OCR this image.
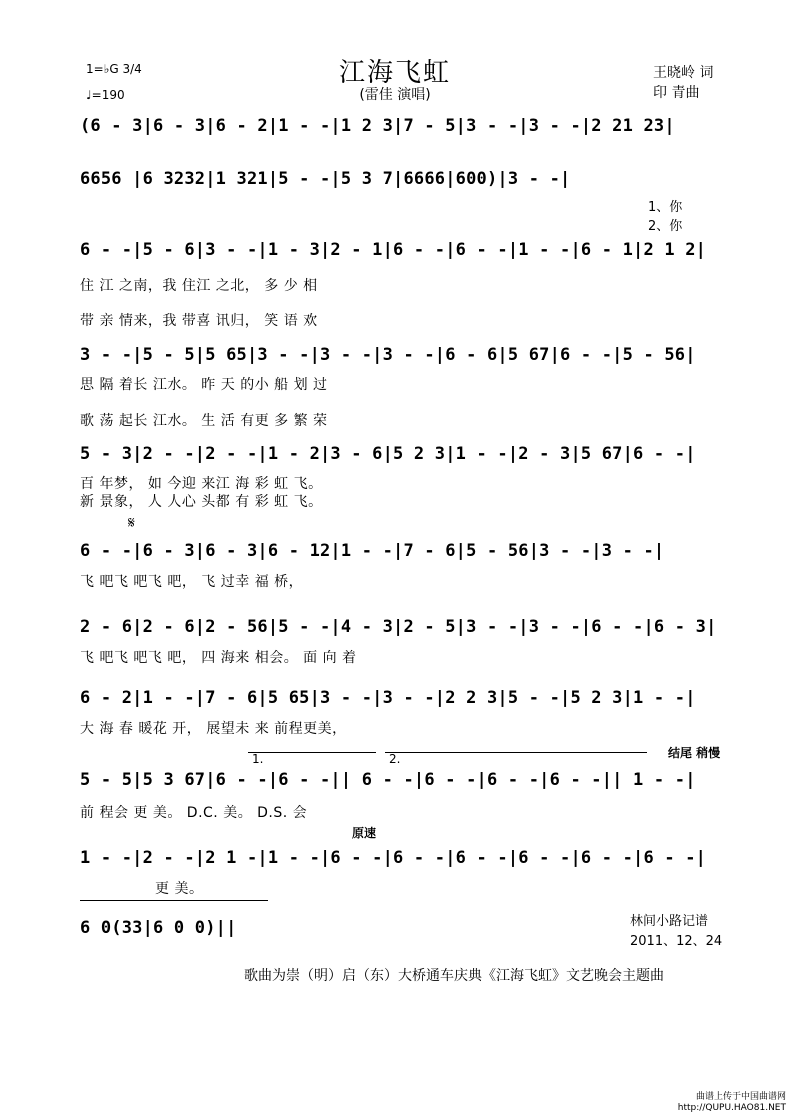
江海飞虹
(雷佳 演唱)
1=♭G 3/4
♩=190
王晓岭 词
印 青曲
(6 - 3|6 - 3|6 - 2|1 - -|1 2 3|7 - 5|3 - -|3 - -|2 21 23|
6656 |6 3232|1 321|5 - -|5 3 7|6666|600)|3 - -|
1、你
2、你
6 - -|5 - 6|3 - -|1 - 3|2 - 1|6 - -|6 - -|1 - -|6 - 1|2 1 2|
住 江 之南，我 住江 之北， 多 少 相
带 亲 情来，我 带喜 讯归， 笑 语 欢
3 - -|5 - 5|5 65|3 - -|3 - -|3 - -|6 - 6|5 67|6 - -|5 - 56|
思 隔 着长 江水。 昨 天 的小 船 划 过
歌 荡 起长 江水。 生 活 有更 多 繁 荣
5 - 3|2 - -|2 - -|1 - 2|3 - 6|5 2 3|1 - -|2 - 3|5 67|6 - -|
百 年梦， 如 今迎 来江 海 彩 虹 飞。
新 景象， 人 人心 头都 有 彩 虹 飞。
𝄋
6 - -|6 - 3|6 - 3|6 - 12|1 - -|7 - 6|5 - 56|3 - -|3 - -|
飞 吧飞 吧飞 吧， 飞 过幸 福 桥，
2 - 6|2 - 6|2 - 56|5 - -|4 - 3|2 - 5|3 - -|3 - -|6 - -|6 - 3|
飞 吧飞 吧飞 吧， 四 海来 相会。 面 向 着
6 - 2|1 - -|7 - 6|5 65|3 - -|3 - -|2 2 3|5 - -|5 2 3|1 - -|
大 海 春 暖花 开， 展望未 来 前程更美，
1.	2.	结尾 稍慢
5 - 5|5 3 67|6 - -|6 - -|| 6 - -|6 - -|6 - -|6 - -|| 1 - -|
前 程会 更 美。 D.C. 美。 D.S. 会
原速
1 - -|2 - -|2 1 -|1 - -|6 - -|6 - -|6 - -|6 - -|6 - -|6 - -|
更 美。
6 0(33|6 0 0)||	林间小路记谱
2011、12、24
歌曲为崇（明）启（东）大桥通车庆典《江海飞虹》文艺晚会主题曲
曲谱上传于中国曲谱网
http://QUPU.HAO81.NET
